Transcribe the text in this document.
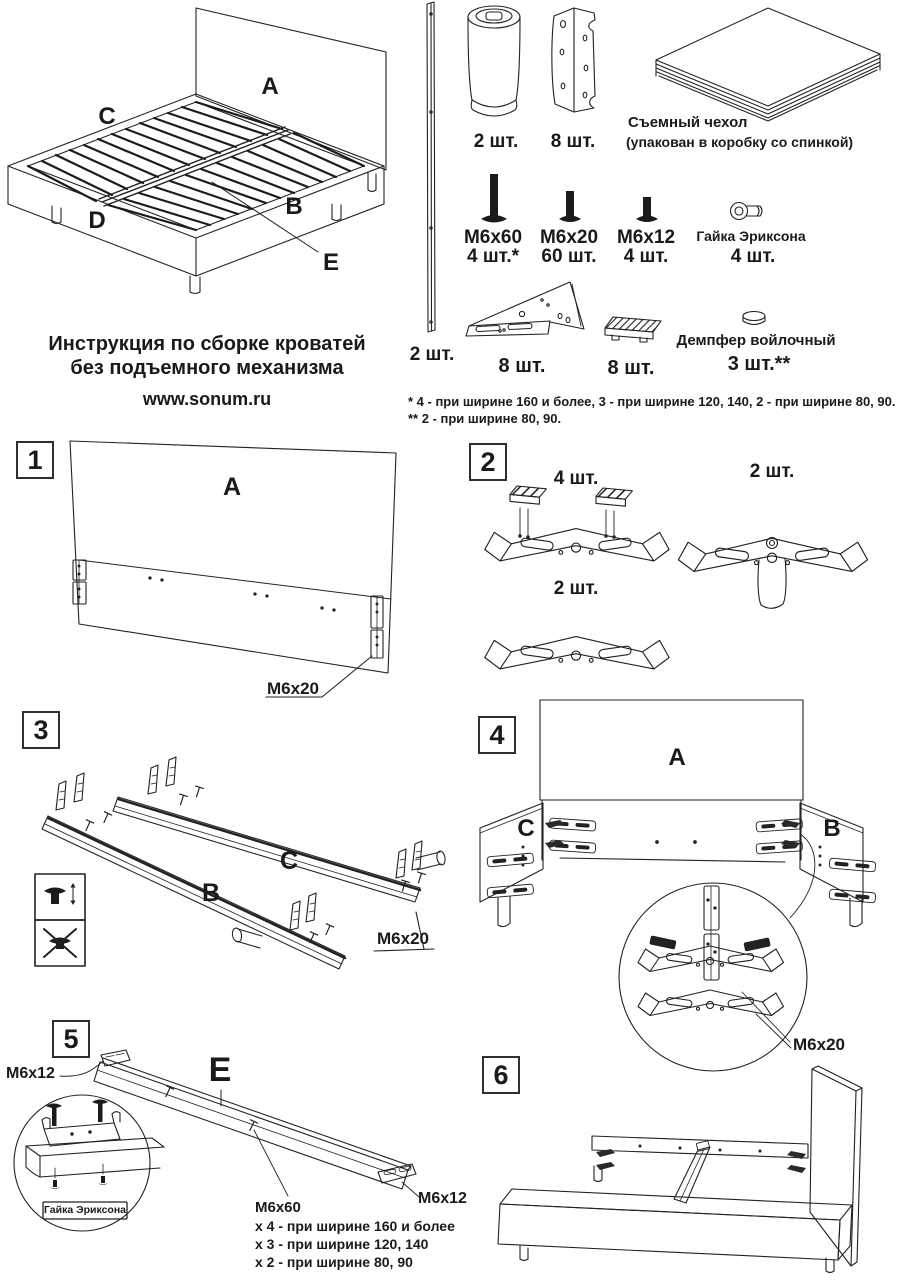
Инструкция по сборке кроватей
без подъемного механизма
www.sonum.ru
A
C
D
B
E
2 шт.
2 шт. 8 шт.
Съемный чехол
(упакован в коробку со спинкой)
M6x60
4 шт.*
M6x20
60 шт.
M6x12
4 шт.
Гайка Эриксона
4 шт.
8 шт.	8 шт.
Демпфер войлочный
3 шт.**
* 4 - при ширине 160 и более, 3 - при ширине 120, 140, 2 - при ширине 80, 90.
** 2 - при ширине 80, 90.
1	2
3	4
5
6
A
M6x20
4 шт.
2 шт.
2 шт.
B
C
M6x20
A
C	B
M6x20
M6x12	E
M6x60
x 4 - при ширине 160 и более
x 3 - при ширине 120, 140
x 2 - при ширине 80, 90
M6x12
Гайка Эриксона
